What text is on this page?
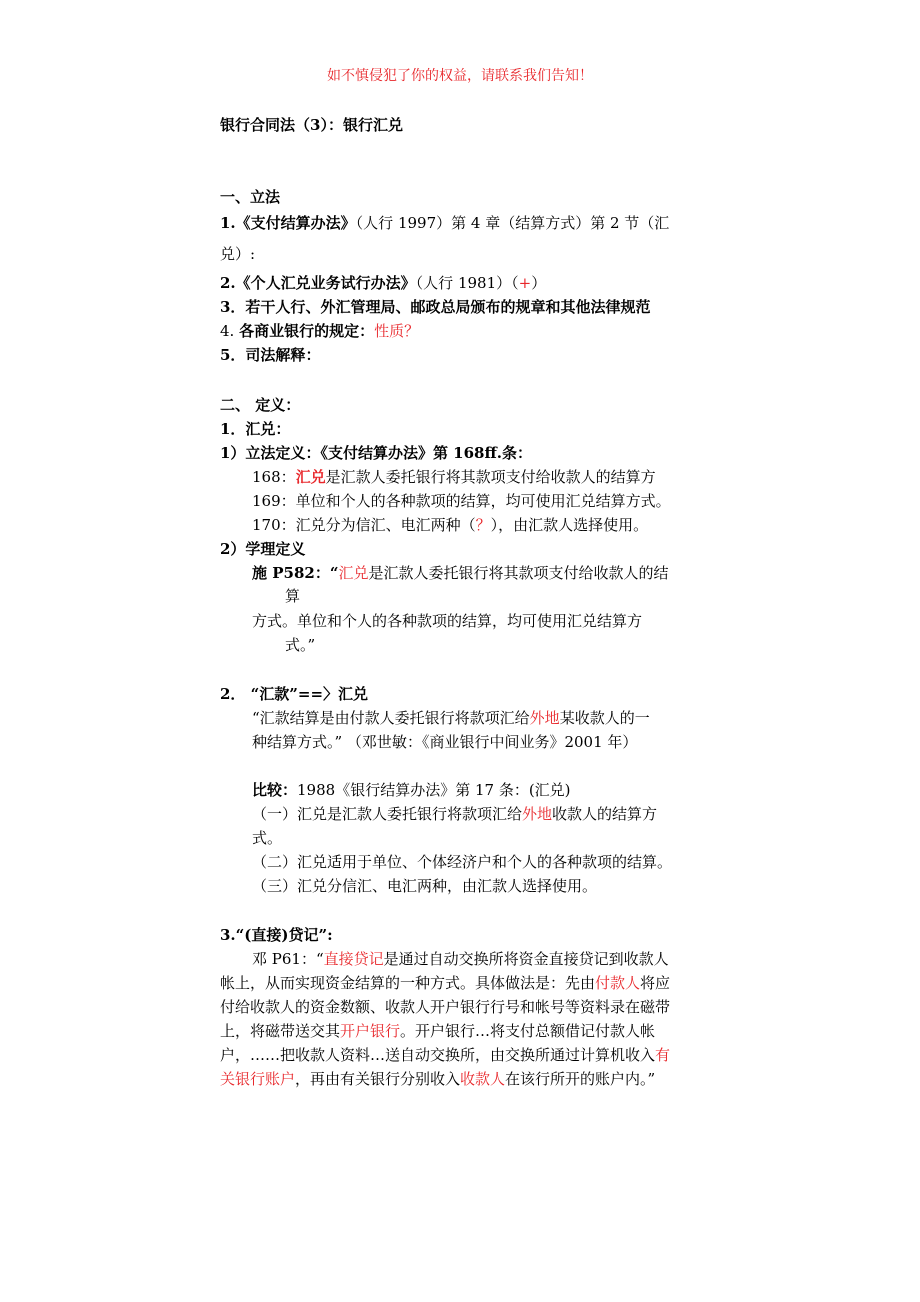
如不慎侵犯了你的权益，请联系我们告知！
银行合同法（3）：银行汇兑
一、立法
1.《支付结算办法》（人行 1997）第 4 章（结算方式）第 2 节（汇
兑）:
2.《个人汇兑业务试行办法》（人行 1981）（+）
3．若干人行、外汇管理局、邮政总局颁布的规章和其他法律规范
4. 各商业银行的规定：性质？
5．司法解释：
二、 定义：
1．汇兑：
1）立法定义：《支付结算办法》第 168ff.条：
168：汇兑是汇款人委托银行将其款项支付给收款人的结算方
169：单位和个人的各种款项的结算，均可使用汇兑结算方式。
170：汇兑分为信汇、电汇两种（？），由汇款人选择使用。
2）学理定义
施 P582：“汇兑是汇款人委托银行将其款项支付给收款人的结
算
方式。单位和个人的各种款项的结算，均可使用汇兑结算方
式。”
2． “汇款”==〉汇兑
“汇款结算是由付款人委托银行将款项汇给外地某收款人的一
种结算方式。” （邓世敏：《商业银行中间业务》2001 年）
比较：1988《银行结算办法》第 17 条：(汇兑)
（一）汇兑是汇款人委托银行将款项汇给外地收款人的结算方
式。
（二）汇兑适用于单位、个体经济户和个人的各种款项的结算。
（三）汇兑分信汇、电汇两种，由汇款人选择使用。
3.“(直接)贷记”:
邓 P61：“直接贷记是通过自动交换所将资金直接贷记到收款人
帐上，从而实现资金结算的一种方式。具体做法是：先由付款人将应
付给收款人的资金数额、收款人开户银行行号和帐号等资料录在磁带
上，将磁带送交其开户银行。开户银行…将支付总额借记付款人帐
户，……把收款人资料…送自动交换所，由交换所通过计算机收入有
关银行账户，再由有关银行分别收入收款人在该行所开的账户内。”
